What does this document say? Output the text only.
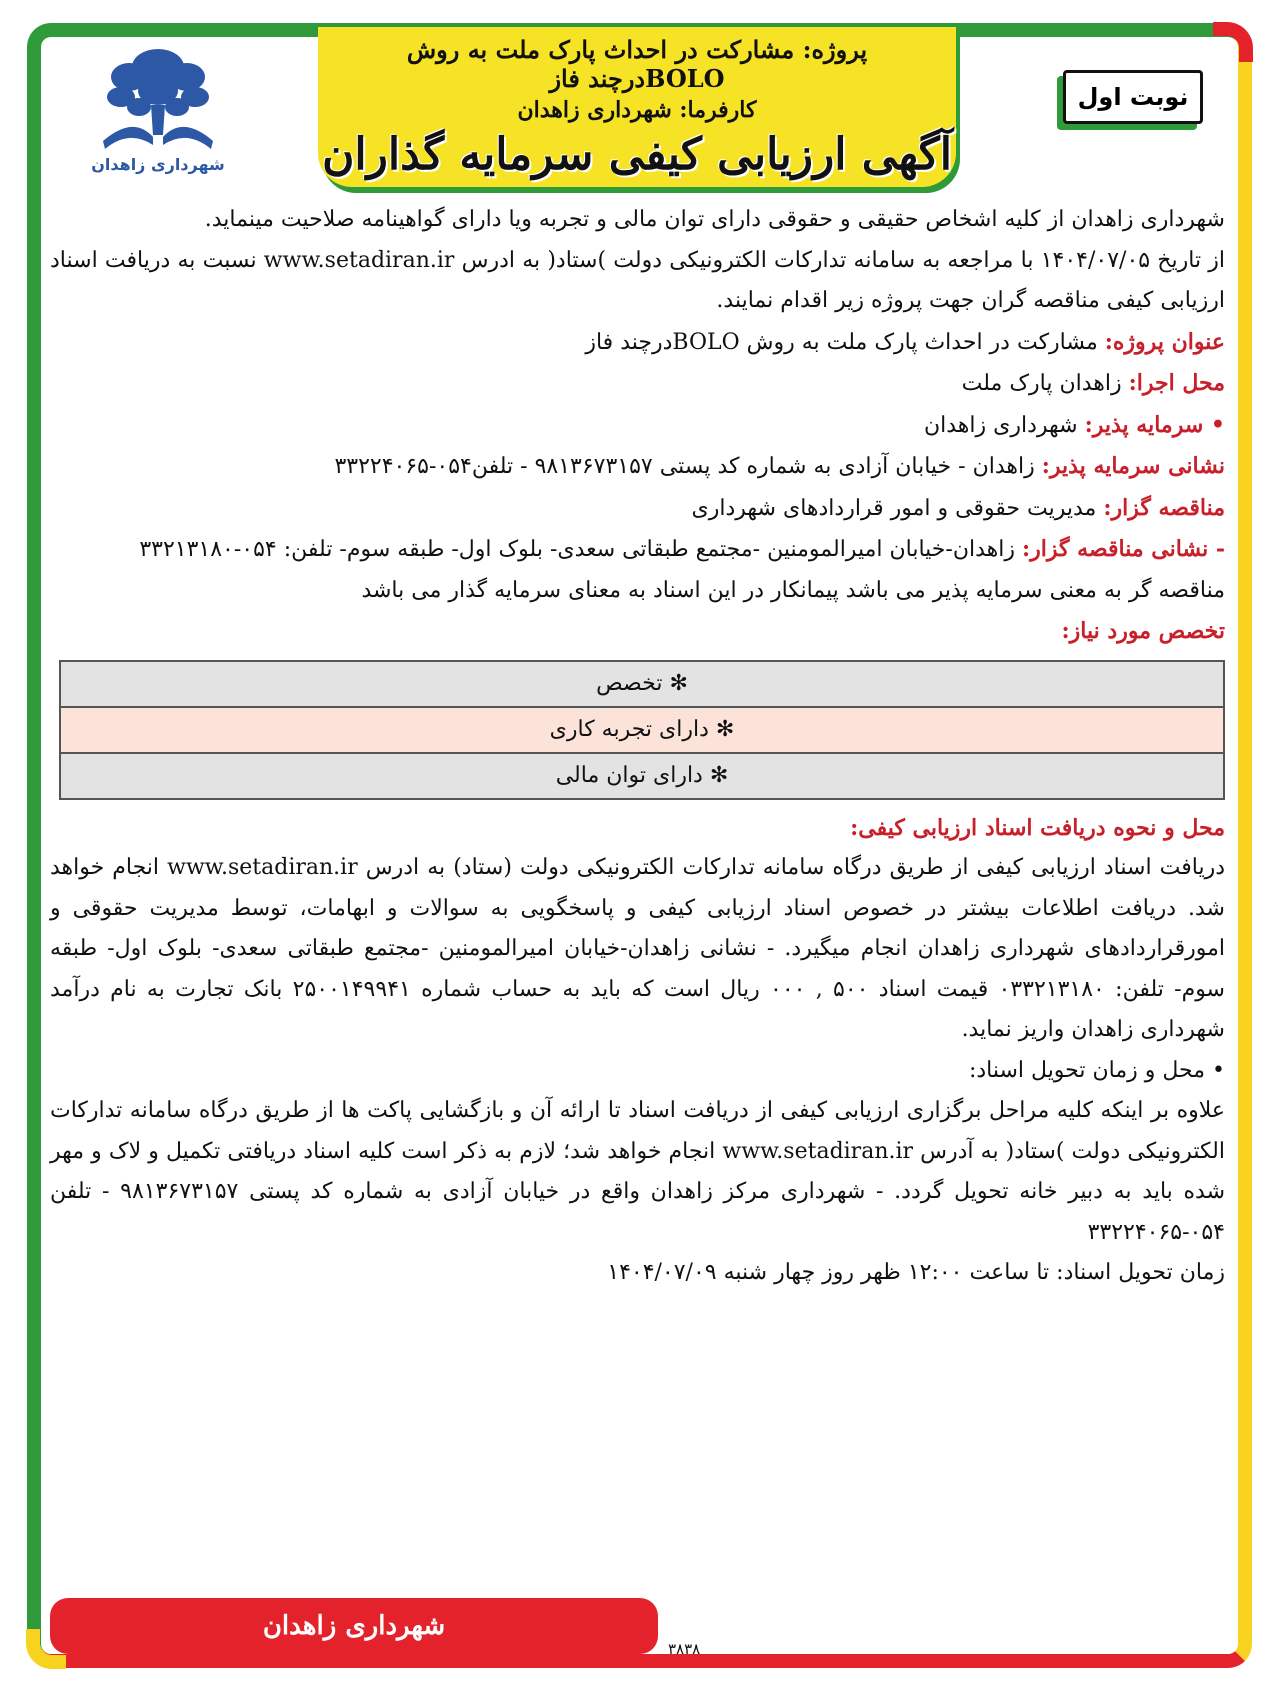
شهرداری زاهدان
پروژه: مشارکت در احداث پارک ملت به روش BOLOدرچند فاز
کارفرما: شهرداری زاهدان
آگهی ارزیابی کیفی سرمایه گذاران
نوبت اول

شهرداری زاهدان از کلیه اشخاص حقیقی و حقوقی دارای توان مالی و تجربه ویا دارای گواهینامه صلاحیت مینماید.

از تاریخ ۱۴۰۴/۰۷/۰۵ با مراجعه به سامانه تدارکات الکترونیکی دولت )ستاد( به ادرس www.setadiran.ir نسبت به دریافت اسناد ارزیابی کیفی مناقصه گران جهت پروژه زیر اقدام نمایند.

عنوان پروژه: مشارکت در احداث پارک ملت به روش BOLOدرچند فاز

محل اجرا: زاهدان پارک ملت

• سرمایه پذیر: شهرداری زاهدان

نشانی سرمایه پذیر: زاهدان - خیابان آزادی به شماره کد پستی ۹۸۱۳۶۷۳۱۵۷ - تلفن۰۵۴-۳۳۲۲۴۰۶۵

مناقصه گزار: مدیریت حقوقی و امور قراردادهای شهرداری

- نشانی مناقصه گزار: زاهدان-خیابان امیرالمومنین -مجتمع طبقاتی سعدی- بلوک اول- طبقه سوم- تلفن: ۰۵۴-۳۳۲۱۳۱۸۰

مناقصه گر به معنی سرمایه پذیر می باشد پیمانکار در این اسناد به معنای سرمایه گذار می باشد

تخصص مورد نیاز:

✻ تخصص
✻ دارای تجربه کاری
✻ دارای توان مالی

محل و نحوه دریافت اسناد ارزیابی کیفی:

دریافت اسناد ارزیابی کیفی از طریق درگاه سامانه تدارکات الکترونیکی دولت (ستاد) به ادرس www.setadiran.ir انجام خواهد شد. دریافت اطلاعات بیشتر در خصوص اسناد ارزیابی کیفی و پاسخگویی به سوالات و ابهامات، توسط مدیریت حقوقی و امورقراردادهای شهرداری زاهدان انجام میگیرد. - نشانی زاهدان-خیابان امیرالمومنین -مجتمع طبقاتی سعدی- بلوک اول- طبقه سوم- تلفن: ۰۳۳۲۱۳۱۸۰ قیمت اسناد ۵۰۰ , ۰۰۰ ریال است که باید به حساب شماره ۲۵۰۰۱۴۹۹۴۱ بانک تجارت به نام درآمد شهرداری زاهدان واریز نماید.

• محل و زمان تحویل اسناد:

علاوه بر اینکه کلیه مراحل برگزاری ارزیابی کیفی از دریافت اسناد تا ارائه آن و بازگشایی پاکت ها از طریق درگاه سامانه تدارکات الکترونیکی دولت )ستاد( به آدرس www.setadiran.ir انجام خواهد شد؛ لازم به ذکر است کلیه اسناد دریافتی تکمیل و لاک و مهر شده باید به دبیر خانه تحویل گردد. - شهرداری مرکز زاهدان واقع در خیابان آزادی به شماره کد پستی ۹۸۱۳۶۷۳۱۵۷ - تلفن ۰۵۴-۳۳۲۲۴۰۶۵

زمان تحویل اسناد: تا ساعت ۱۲:۰۰ ظهر روز چهار شنبه ۱۴۰۴/۰۷/۰۹

شهرداری زاهدان
۳۸۳۸
